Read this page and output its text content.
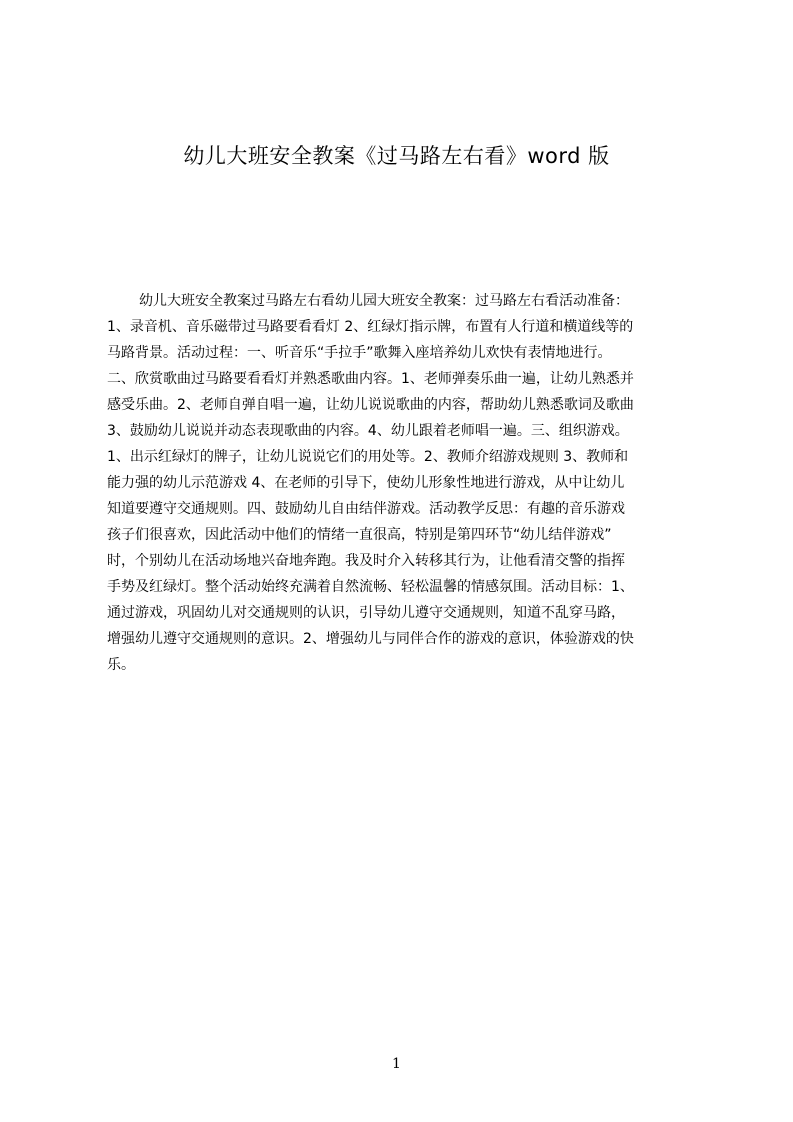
幼儿大班安全教案《过马路左右看》word 版
幼儿大班安全教案过马路左右看幼儿园大班安全教案：过马路左右看活动准备：
1、录音机、音乐磁带过马路要看看灯 2、红绿灯指示牌，布置有人行道和横道线等的
马路背景。活动过程：一、听音乐“手拉手”歌舞入座培养幼儿欢快有表情地进行。
二、欣赏歌曲过马路要看看灯并熟悉歌曲内容。1、老师弹奏乐曲一遍，让幼儿熟悉并
感受乐曲。2、老师自弹自唱一遍，让幼儿说说歌曲的内容，帮助幼儿熟悉歌词及歌曲
3、鼓励幼儿说说并动态表现歌曲的内容。4、幼儿跟着老师唱一遍。三、组织游戏。
1、出示红绿灯的牌子，让幼儿说说它们的用处等。2、教师介绍游戏规则 3、教师和
能力强的幼儿示范游戏 4、在老师的引导下，使幼儿形象性地进行游戏，从中让幼儿
知道要遵守交通规则。四、鼓励幼儿自由结伴游戏。活动教学反思：有趣的音乐游戏
孩子们很喜欢，因此活动中他们的情绪一直很高，特别是第四环节“幼儿结伴游戏”
时，个别幼儿在活动场地兴奋地奔跑。我及时介入转移其行为，让他看清交警的指挥
手势及红绿灯。整个活动始终充满着自然流畅、轻松温馨的情感氛围。活动目标：1、
通过游戏，巩固幼儿对交通规则的认识，引导幼儿遵守交通规则，知道不乱穿马路，
增强幼儿遵守交通规则的意识。2、增强幼儿与同伴合作的游戏的意识，体验游戏的快
乐。
1
